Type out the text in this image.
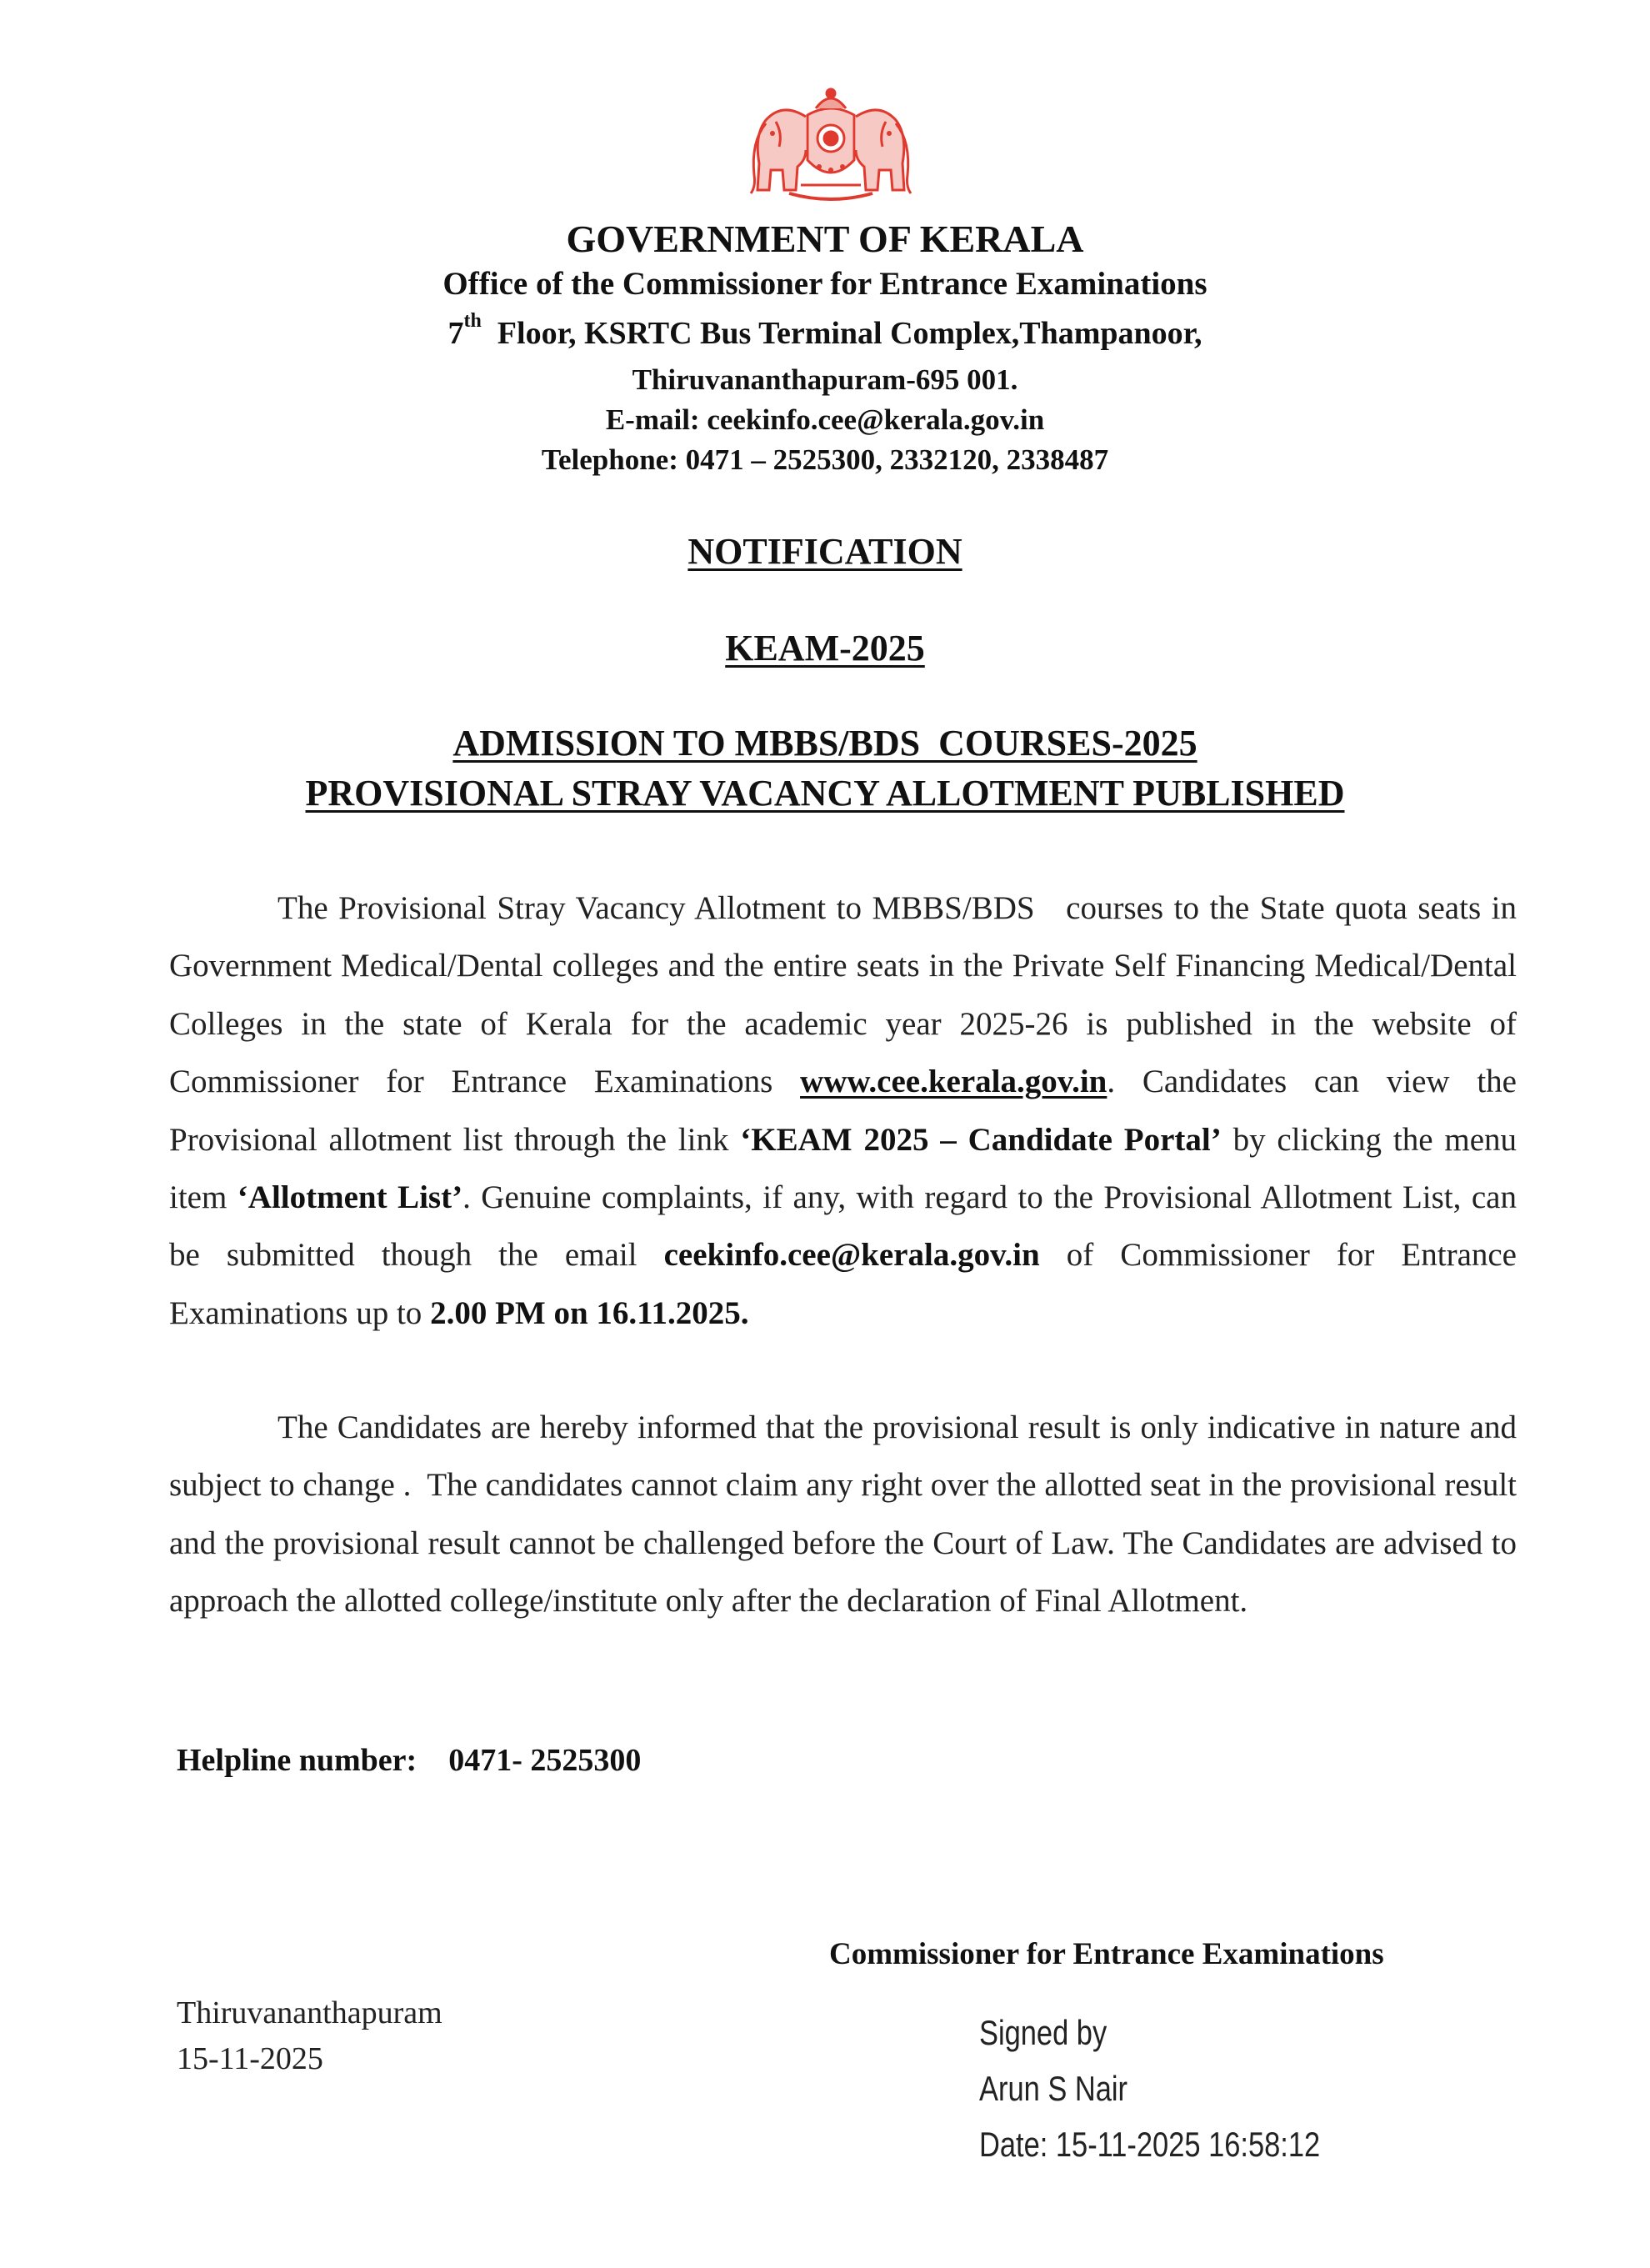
GOVERNMENT OF KERALA

Office of the Commissioner for Entrance Examinations

7th Floor, KSRTC Bus Terminal Complex,Thampanoor,

Thiruvananthapuram-695 001.

E-mail: ceekinfo.cee@kerala.gov.in

Telephone: 0471 – 2525300, 2332120, 2338487

NOTIFICATION

KEAM-2025

ADMISSION TO MBBS/BDS  COURSES-2025

PROVISIONAL STRAY VACANCY ALLOTMENT PUBLISHED

The Provisional Stray Vacancy Allotment to MBBS/BDS   courses to the State quota seats in Government Medical/Dental colleges and the entire seats in the Private Self Financing Medical/Dental Colleges in the state of Kerala for the academic year 2025-26 is published in the website of Commissioner for Entrance Examinations www.cee.kerala.gov.in. Candidates can view the Provisional allotment list through the link ‘KEAM 2025 – Candidate Portal’ by clicking the menu item ‘Allotment List’. Genuine complaints, if any, with regard to the Provisional Allotment List, can be submitted though the email ceekinfo.cee@kerala.gov.in of Commissioner for Entrance Examinations up to 2.00 PM on 16.11.2025.

The Candidates are hereby informed that the provisional result is only indicative in nature and subject to change .  The candidates cannot claim any right over the allotted seat in the provisional result and the provisional result cannot be challenged before the Court of Law. The Candidates are advised to approach the allotted college/institute only after the declaration of Final Allotment.

Helpline number: 0471- 2525300

Commissioner for Entrance Examinations

Thiruvananthapuram

15-11-2025

Signed by

Arun S Nair

Date: 15-11-2025 16:58:12
